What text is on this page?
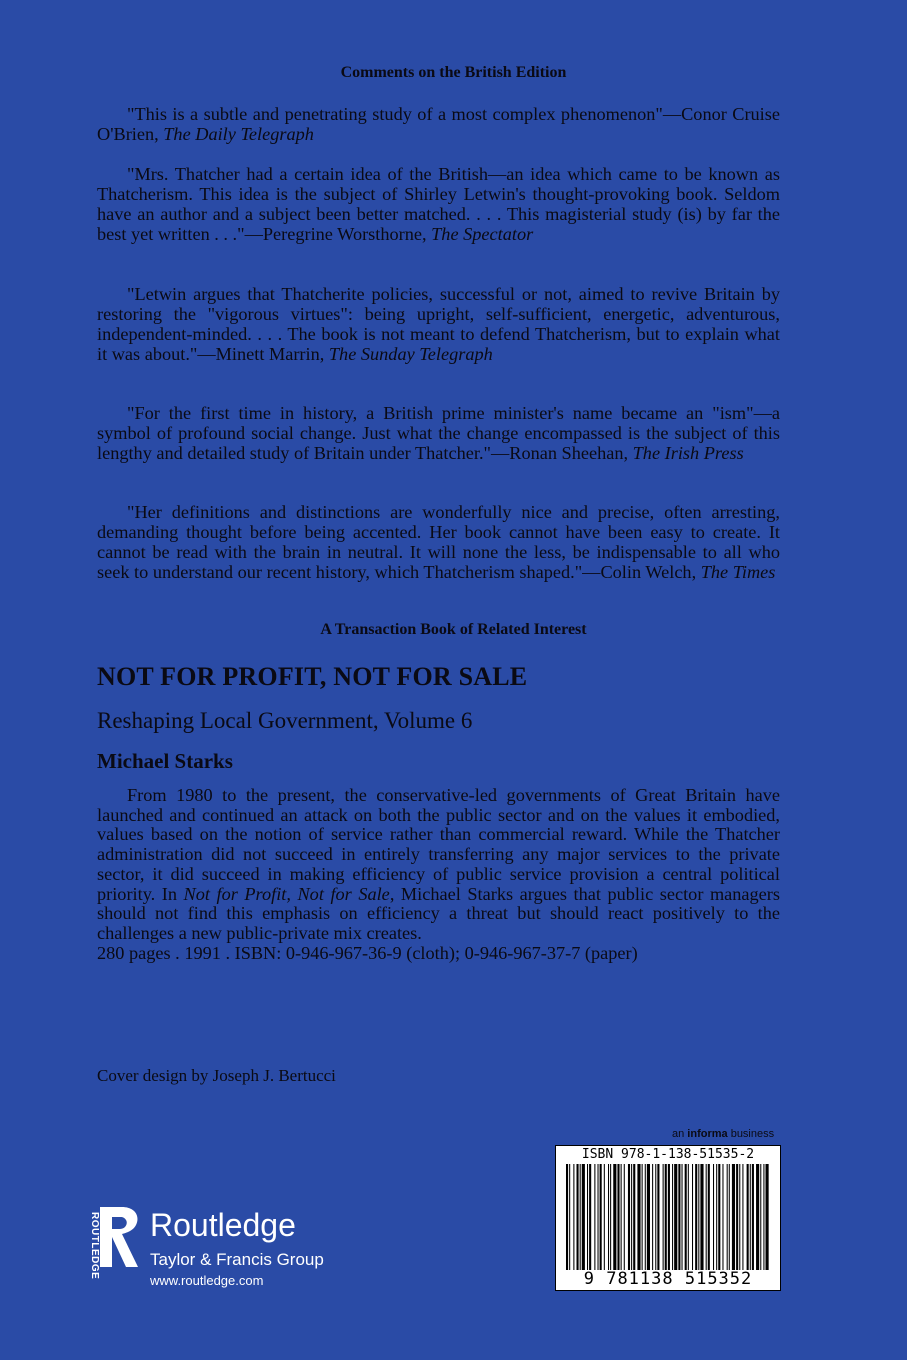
Comments on the British Edition

"This is a subtle and penetrating study of a most complex phenomenon"—Conor Cruise O'Brien, The Daily Telegraph

"Mrs. Thatcher had a certain idea of the British—an idea which came to be known as Thatcherism. This idea is the subject of Shirley Letwin's thought-provoking book. Seldom have an author and a subject been better matched. . . . This magisterial study (is) by far the best yet written . . ."—Peregrine Worsthorne, The Spectator

"Letwin argues that Thatcherite policies, successful or not, aimed to revive Britain by restoring the "vigorous virtues": being upright, self-sufficient, energetic, adventurous, independent-minded. . . . The book is not meant to defend Thatcherism, but to explain what it was about."—Minett Marrin, The Sunday Telegraph

"For the first time in history, a British prime minister's name became an "ism"—a symbol of profound social change. Just what the change encompassed is the subject of this lengthy and detailed study of Britain under Thatcher."—Ronan Sheehan, The Irish Press

"Her definitions and distinctions are wonderfully nice and precise, often arresting, demanding thought before being accented. Her book cannot have been easy to create. It cannot be read with the brain in neutral. It will none the less, be indispensable to all who seek to understand our recent history, which Thatcherism shaped."—Colin Welch, The Times

A Transaction Book of Related Interest
NOT FOR PROFIT, NOT FOR SALE
Reshaping Local Government, Volume 6
Michael Starks

From 1980 to the present, the conservative-led governments of Great Britain have launched and continued an attack on both the public sector and on the values it embodied, values based on the notion of service rather than commercial reward. While the Thatcher administration did not succeed in entirely transferring any major services to the private sector, it did succeed in making efficiency of public service provision a central political priority. In Not for Profit, Not for Sale, Michael Starks argues that public sector managers should not find this emphasis on efficiency a threat but should react positively to the challenges a new public-private mix creates.

280 pages . 1991 . ISBN: 0-946-967-36-9 (cloth); 0-946-967-37-7 (paper)

Cover design by Joseph J. Bertucci
an informa business
ISBN 978-1-138-51535-2
9 781138 515352
ROUTLEDGE Routledge
Taylor & Francis Group
www.routledge.com
